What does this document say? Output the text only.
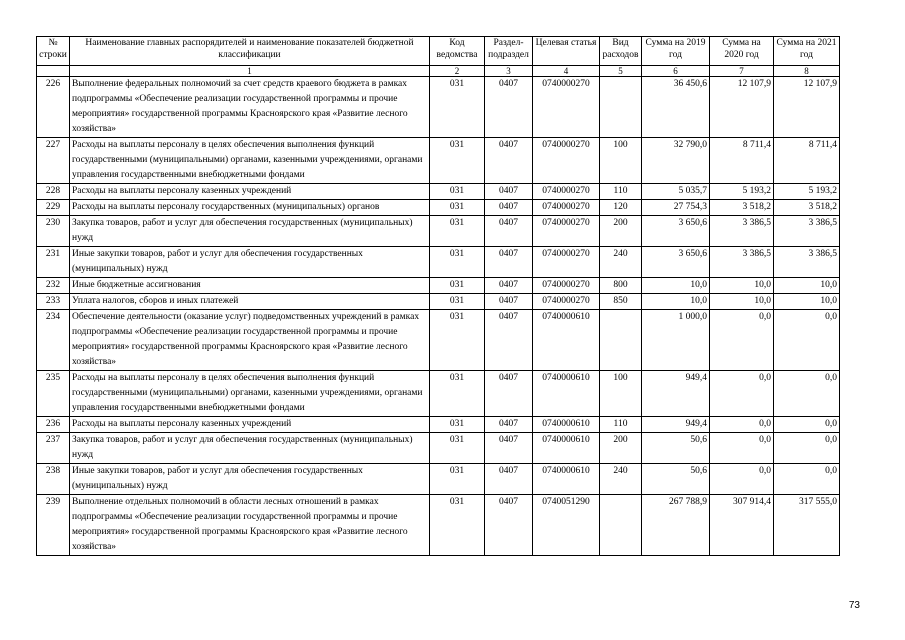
№ строки	Наименование главных распорядителей и наименование показателей бюджетной классификации	Код ведомства	Раздел-подраздел	Целевая статья	Вид расходов	Сумма на 2019 год	Сумма на 2020 год	Сумма на 2021 год
	1	2	3	4	5	6	7	8
226	Выполнение федеральных полномочий за счет средств краевого бюджета в рамках подпрограммы «Обеспечение реализации государственной программы и прочие мероприятия» государственной программы Красноярского края «Развитие лесного хозяйства»	031	0407	0740000270		36 450,6	12 107,9	12 107,9
227	Расходы на выплаты персоналу в целях обеспечения выполнения функций государственными (муниципальными) органами, казенными учреждениями, органами управления государственными внебюджетными фондами	031	0407	0740000270	100	32 790,0	8 711,4	8 711,4
228	Расходы на выплаты персоналу казенных учреждений	031	0407	0740000270	110	5 035,7	5 193,2	5 193,2
229	Расходы на выплаты персоналу государственных (муниципальных) органов	031	0407	0740000270	120	27 754,3	3 518,2	3 518,2
230	Закупка товаров, работ и услуг для обеспечения государственных (муниципальных) нужд	031	0407	0740000270	200	3 650,6	3 386,5	3 386,5
231	Иные закупки товаров, работ и услуг для обеспечения государственных (муниципальных) нужд	031	0407	0740000270	240	3 650,6	3 386,5	3 386,5
232	Иные бюджетные ассигнования	031	0407	0740000270	800	10,0	10,0	10,0
233	Уплата налогов, сборов и иных платежей	031	0407	0740000270	850	10,0	10,0	10,0
234	Обеспечение деятельности (оказание услуг) подведомственных учреждений в рамках подпрограммы «Обеспечение реализации государственной программы и прочие мероприятия» государственной программы Красноярского края «Развитие лесного хозяйства»	031	0407	0740000610		1 000,0	0,0	0,0
235	Расходы на выплаты персоналу в целях обеспечения выполнения функций государственными (муниципальными) органами, казенными учреждениями, органами управления государственными внебюджетными фондами	031	0407	0740000610	100	949,4	0,0	0,0
236	Расходы на выплаты персоналу казенных учреждений	031	0407	0740000610	110	949,4	0,0	0,0
237	Закупка товаров, работ и услуг для обеспечения государственных (муниципальных) нужд	031	0407	0740000610	200	50,6	0,0	0,0
238	Иные закупки товаров, работ и услуг для обеспечения государственных (муниципальных) нужд	031	0407	0740000610	240	50,6	0,0	0,0
239	Выполнение отдельных полномочий в области лесных отношений в рамках подпрограммы «Обеспечение реализации государственной программы и прочие мероприятия» государственной программы Красноярского края «Развитие лесного хозяйства»	031	0407	0740051290		267 788,9	307 914,4	317 555,0
73
